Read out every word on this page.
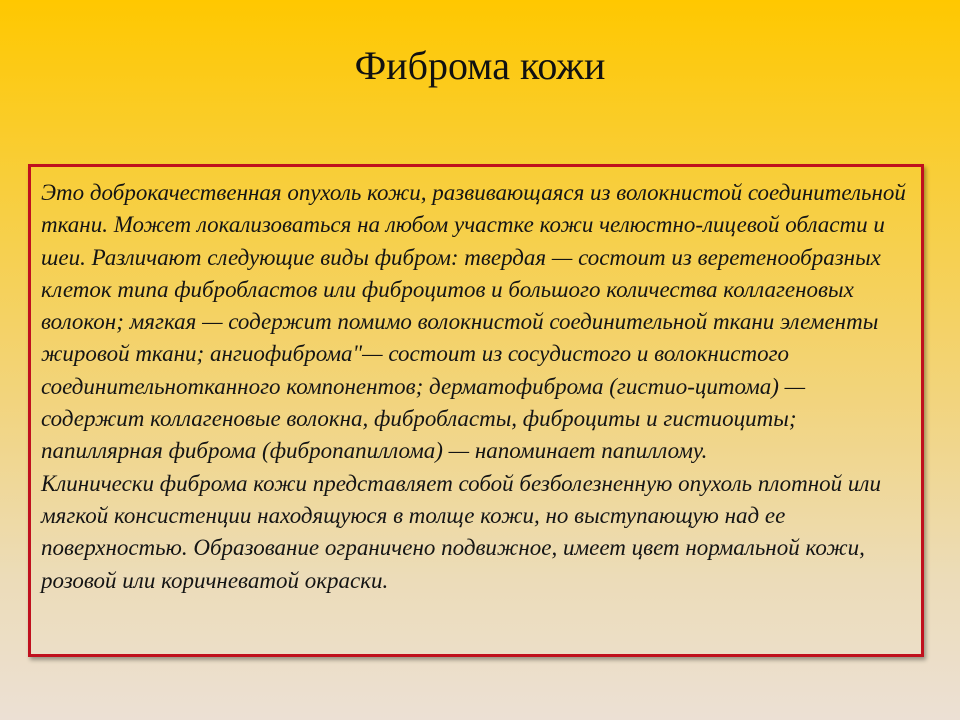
Фиброма кожи

Это доброкачественная опухоль кожи, развивающаяся из волокнистой соединительной ткани. Может локализоваться на любом участке кожи челюстно-лицевой области и шеи. Различают следующие виды фибром: твердая — состоит из веретенообразных клеток типа фибробластов или фиброцитов и большого количества коллагеновых волокон; мягкая — содержит помимо волокнистой соединительной ткани элементы жировой ткани; ангиофиброма"— состоит из сосудистого и волокнистого соединительнотканного компонентов; дерматофиброма (гистио-цитома) — содержит коллагеновые волокна, фибробласты, фиброциты и гистиоциты; папиллярная фиброма (фибропапиллома) — напоминает папиллому.

Клинически фиброма кожи представляет собой безболезненную опухоль плотной или мягкой консистенции находящуюся в толще кожи, но выступающую над ее поверхностью. Образование ограничено подвижное, имеет цвет нормальной кожи, розовой или коричневатой окраски.
